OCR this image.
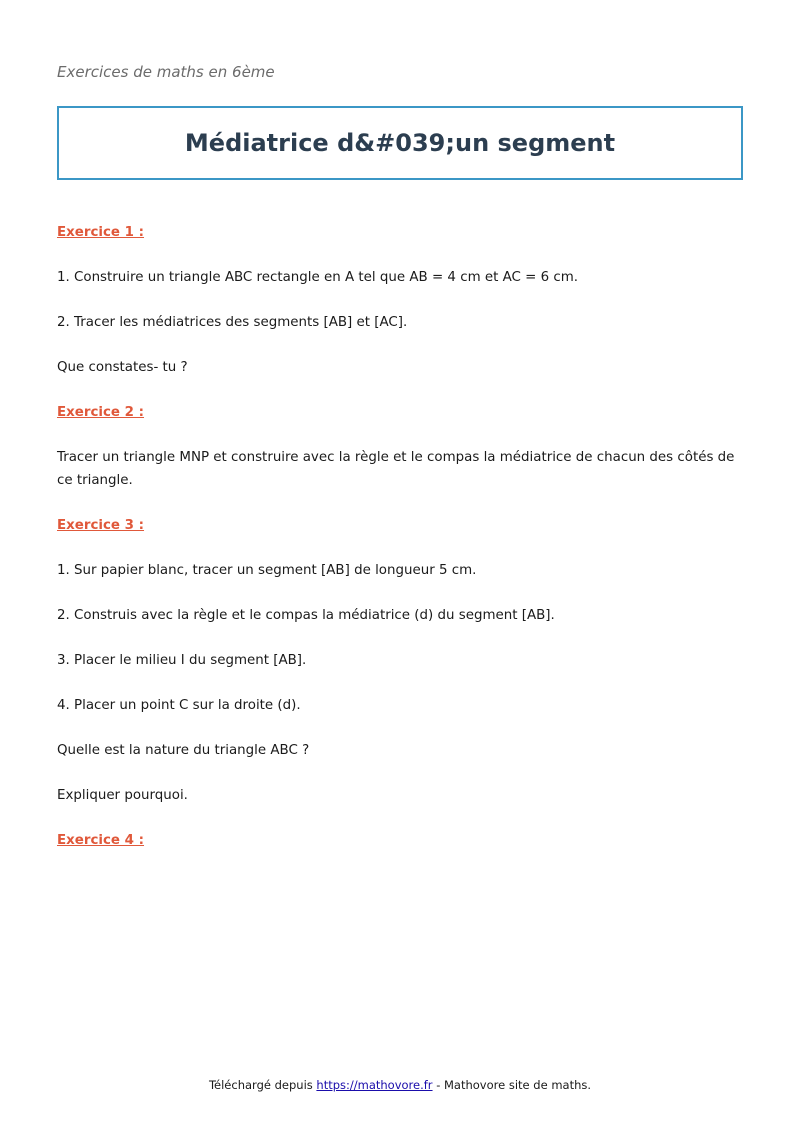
Exercices de maths en 6ème
Médiatrice d&#039;un segment

Exercice 1 :

1. Construire un triangle ABC rectangle en A tel que AB = 4 cm et AC = 6 cm.

2. Tracer les médiatrices des segments [AB] et [AC].

Que constates- tu ?

Exercice 2 :

Tracer un triangle MNP et construire avec la règle et le compas la médiatrice de chacun des côtés de ce triangle.

Exercice 3 :

1. Sur papier blanc, tracer un segment [AB] de longueur 5 cm.

2. Construis avec la règle et le compas la médiatrice (d) du segment [AB].

3. Placer le milieu I du segment [AB].

4. Placer un point C sur la droite (d).

Quelle est la nature du triangle ABC ?

Expliquer pourquoi.

Exercice 4 :

Téléchargé depuis https://mathovore.fr - Mathovore site de maths.
